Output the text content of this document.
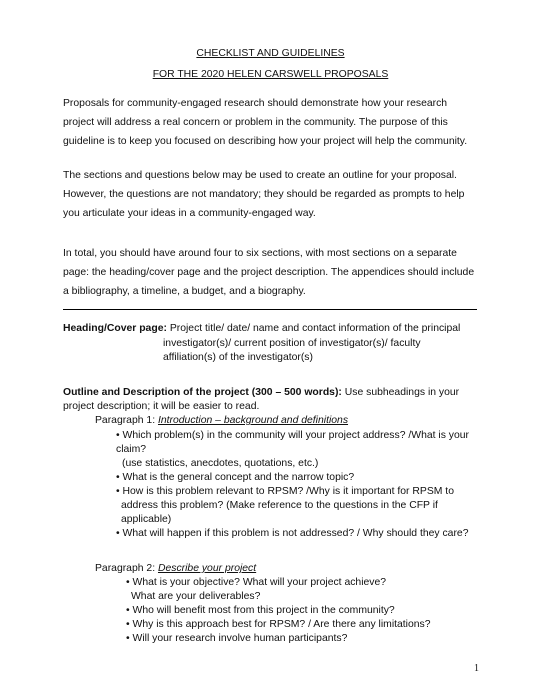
CHECKLIST AND GUIDELINES
FOR THE 2020 HELEN CARSWELL PROPOSALS
Proposals for community-engaged research should demonstrate how your research
project will address a real concern or problem in the community. The purpose of this
guideline is to keep you focused on describing how your project will help the community.
The sections and questions below may be used to create an outline for your proposal.
However, the questions are not mandatory; they should be regarded as prompts to help
you articulate your ideas in a community-engaged way.
In total, you should have around four to six sections, with most sections on a separate
page: the heading/cover page and the project description. The appendices should include
a bibliography, a timeline, a budget, and a biography.
Heading/Cover page: Project title/ date/ name and contact information of the principal
investigator(s)/ current position of investigator(s)/ faculty
affiliation(s) of the investigator(s)
Outline and Description of the project (300 – 500 words): Use subheadings in your
project description; it will be easier to read.
Paragraph 1: Introduction – background and definitions
• Which problem(s) in the community will your project address? /What is your
claim?
(use statistics, anecdotes, quotations, etc.)
• What is the general concept and the narrow topic?
• How is this problem relevant to RPSM? /Why is it important for RPSM to
address this problem? (Make reference to the questions in the CFP if
applicable)
• What will happen if this problem is not addressed? / Why should they care?
Paragraph 2: Describe your project
• What is your objective? What will your project achieve?
What are your deliverables?
• Who will benefit most from this project in the community?
• Why is this approach best for RPSM? / Are there any limitations?
• Will your research involve human participants?
1
